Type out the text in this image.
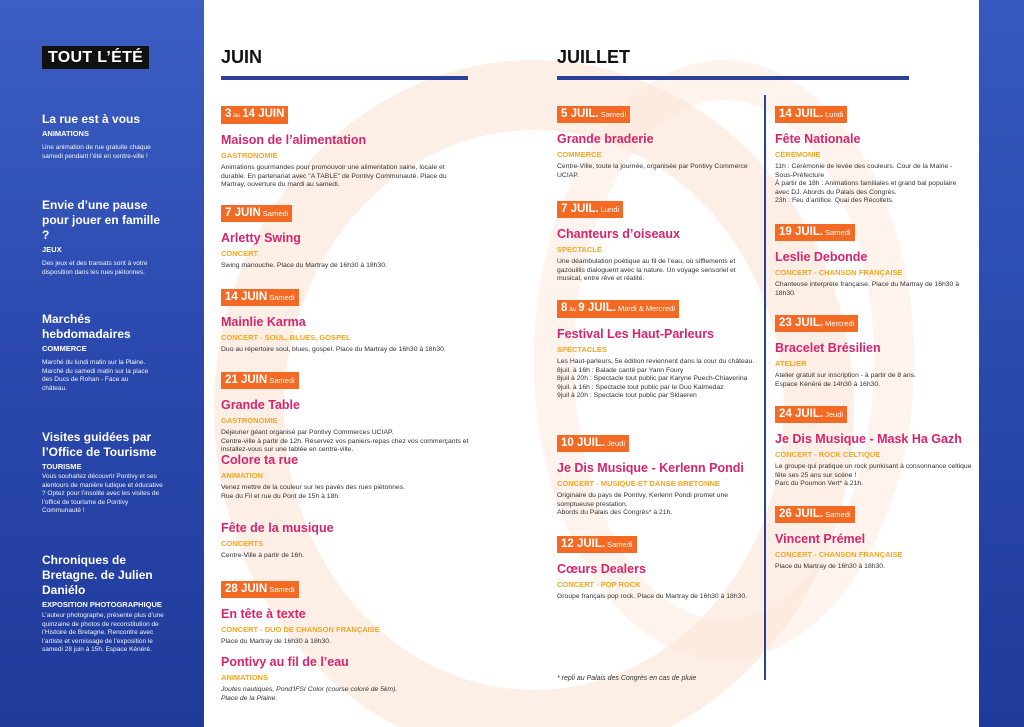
TOUT L’ÉTÉ
La rue est à vous
ANIMATIONS
Une animation de rue gratuite chaque samedi pendant l’été en centre-ville !
Envie d’une pause pour jouer en famille ?
JEUX
Des jeux et des transats sont à votre disposition dans les rues piétonnes.
Marchés hebdomadaires
COMMERCE
Marché du lundi matin sur la Plaine.
Marché du samedi matin sur la place des Ducs de Rohan - Face au château.
Visites guidées par l’Office de Tourisme
TOURISME
Vous souhaitez découvrir Pontivy et ses alentours de manière ludique et éducative ? Optez pour l’insolite avec les visites de l’office de tourisme de Pontivy Communauté !
Chroniques de Bretagne. de Julien Daniélo
EXPOSITION PHOTOGRAPHIQUE
L’auteur photographe, présente plus d’une quinzaine de photos de reconstitution de l’Histoire de Bretagne. Rencontre avec l’artiste et vernissage de l’exposition le samedi 28 juin à 15h. Espace Kénéré.
JUIN	JUILLET
3 au 14 JUIN
Maison de l’alimentation
GASTRONOMIE
Animations gourmandes pour promouvoir une alimentation saine, locale et durable. En partenariat avec "A TABLE" de Pontivy Communauté. Place du Martray, ouverture du mardi au samedi.
7 JUIN Samedi
Arletty Swing
CONCERT
Swing manouche. Place du Martray de 16h30 à 18h30.
14 JUIN Samedi
Mainlie Karma
CONCERT - SOUL, BLUES, GOSPEL
Duo au répertoire soul, blues, gospel. Place du Martray de 16h30 à 18h30.
21 JUIN Samedi
Grande Table
GASTRONOMIE
Déjeuner géant organisé par Pontivy Commerces UCIAP.
Centre-ville à partir de 12h. Réservez vos paniers-repas chez vos commerçants et installez-vous sur une tablée en centre-ville.
Colore ta rue
ANIMATION
Venez mettre de la couleur sur les pavés des rues piétonnes.
Rue du Fil et rue du Pont de 15h à 18h.
Fête de la musique
CONCERTS
Centre-Ville à partir de 16h.
28 JUIN Samedi
En tête à texte
CONCERT - DUO DE CHANSON FRANÇAISE
Place du Martray de 16h30 à 18h30.
Pontivy au fil de l’eau
ANIMATIONS
Joutes nautiques, Pond'IFSI Color (course coloré de 5km).
Place de la Plaine.
5 JUIL. Samedi
Grande braderie
COMMERCE
Centre-Ville, toute la journée, organisée par Pontivy Commerce UCIAP.
7 JUIL. Lundi
Chanteurs d’oiseaux
SPECTACLE
Une déambulation poétique au fil de l’eau, où sifflements et gazouillis dialoguent avec la nature. Un voyage sensoriel et musical, entre rêve et réalité.
8 au 9 JUIL. Mardi & Mercredi
Festival Les Haut-Parleurs
SPECTACLES
Les Haut-parleurs, 5e édition reviennent dans la cour du château.
8juil. à 16h : Balade canté par Yann Foury
8juil à 20h : Spectacle tout public par Karyne Puech-Chiaverina
9juil. à 16h : Spectacle tout public par le Duo Kalmedaz
9juil à 20h : Spectacle tout public par Sklaeren
10 JUIL. Jeudi
Je Dis Musique - Kerlenn Pondi
CONCERT - MUSIQUE ET DANSE BRETONNE
Originaire du pays de Pontivy, Kerlenn Pondi promet une somptueuse prestation.
Abords du Palais des Congrès* à 21h.
12 JUIL. Samedi
Cœurs Dealers
CONCERT - POP ROCK
Groupe français pop rock. Place du Martray de 16h30 à 18h30.
14 JUIL. Lundi
Fête Nationale
CÉRÉMONIE
11h : Cérémonie de levée des couleurs. Cour de la Mairie - Sous-Préfecture
À partir de 18h : Animations familiales et grand bal populaire avec DJ. Abords du Palais des Congrès.
23h : Feu d’artifice. Quai des Récollets.
19 JUIL. Samedi
Leslie Debonde
CONCERT - CHANSON FRANÇAISE
Chanteuse interprète française. Place du Martray de 16h30 à 18h30.
23 JUIL. Mercredi
Bracelet Brésilien
ATELIER
Atelier gratuit sur inscription - à partir de 8 ans.
Espace Kénéré de 14h30 à 16h30.
24 JUIL. Jeudi
Je Dis Musique - Mask Ha Gazh
CONCERT - ROCK CELTIQUE
Le groupe qui pratique un rock punkisant à consonnance celtique fête ses 25 ans sur scène !
Parc du Poumon Vert* à 21h.
26 JUIL. Samedi
Vincent Prémel
CONCERT - CHANSON FRANÇAISE
Place du Martray de 16h30 à 18h30.
* repli au Palais des Congrès en cas de pluie
